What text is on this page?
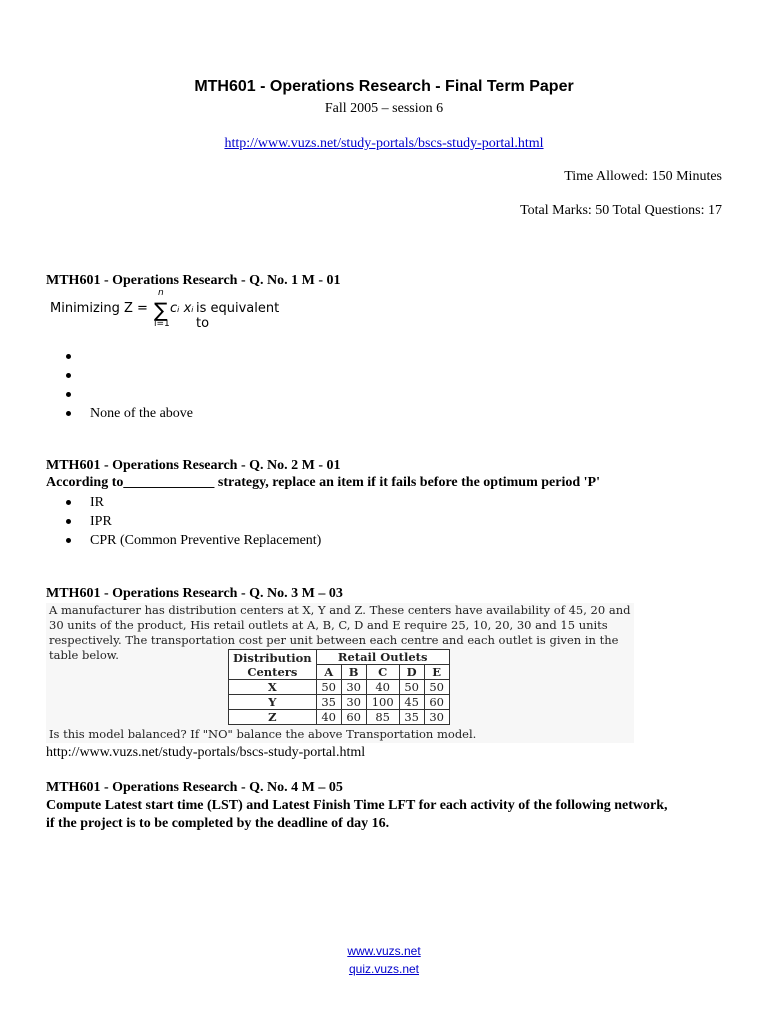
MTH601 - Operations Research - Final Term Paper
Fall 2005 – session 6
http://www.vuzs.net/study-portals/bscs-study-portal.html
Time Allowed: 150 Minutes
Total Marks: 50 Total Questions: 17
MTH601 - Operations Research - Q. No. 1 M - 01
Minimizing Z =
n
∑
i=1
cᵢ xᵢ is equivalent to
None of the above
MTH601 - Operations Research - Q. No. 2 M - 01
According to_____________ strategy, replace an item if it fails before the optimum period 'P'
IR
IPR
CPR (Common Preventive Replacement)
MTH601 - Operations Research - Q. No. 3 M – 03
A manufacturer has distribution centers at X, Y and Z. These centers have availability of 45, 20 and 30 units of the product, His retail outlets at A, B, C, D and E require 25, 10, 20, 30 and 15 units respectively. The transportation cost per unit between each centre and each outlet is given in the table below.	Distribution Centers	Retail Outlets				
	A	B	C	D	E
X	50	30	40	50	50
Y	35	30	100	45	60
Z	40	60	85	35	30
Is this model balanced? If "NO" balance the above Transportation model.
http://www.vuzs.net/study-portals/bscs-study-portal.html
MTH601 - Operations Research - Q. No. 4 M – 05
Compute Latest start time (LST) and Latest Finish Time LFT for each activity of the following network,
if the project is to be completed by the deadline of day 16.
www.vuzs.net
quiz.vuzs.net
